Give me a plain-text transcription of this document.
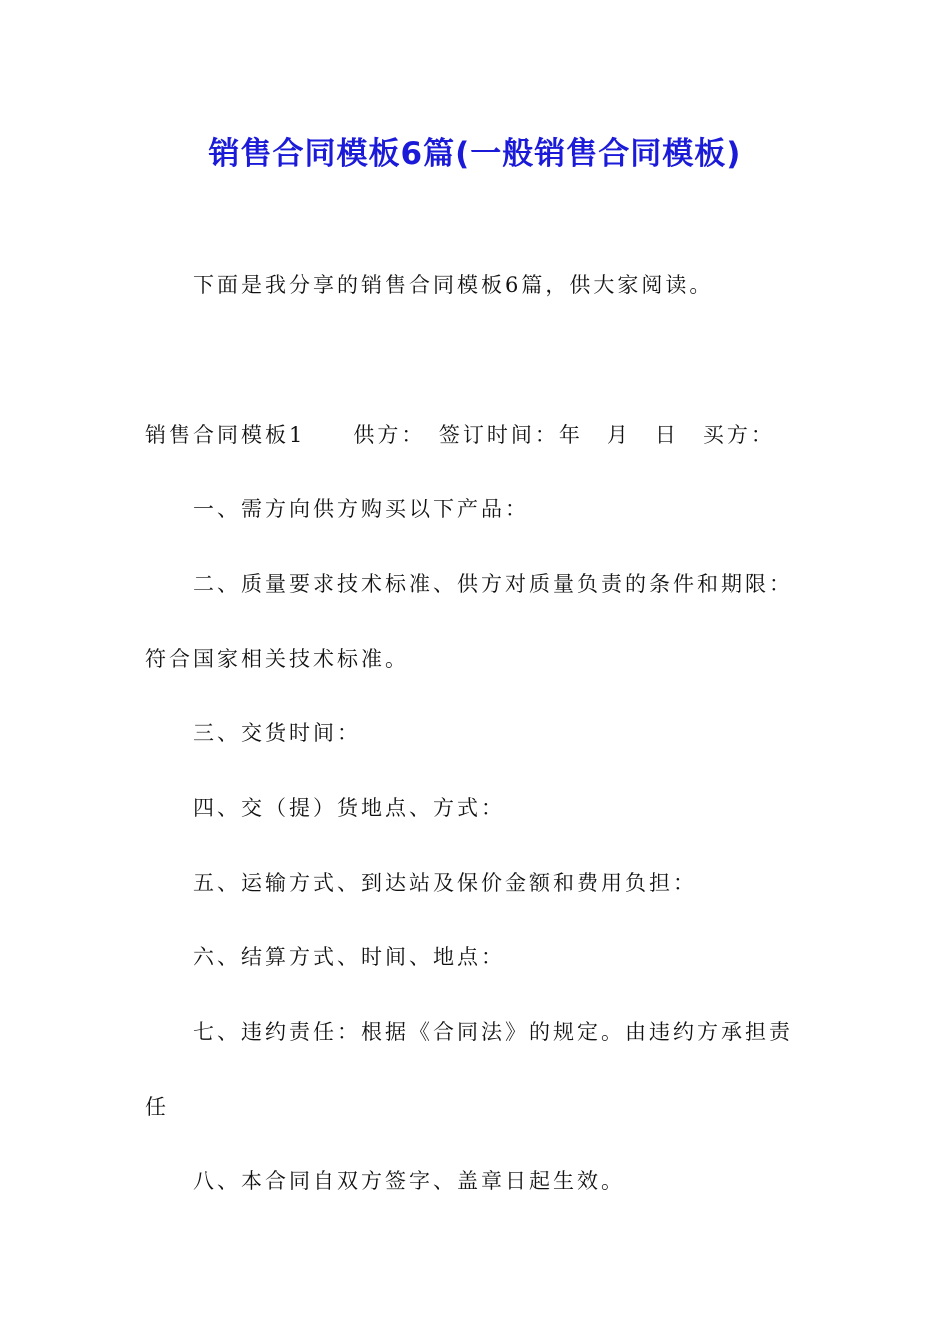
销售合同模板6篇(一般销售合同模板)
下面是我分享的销售合同模板6篇，供大家阅读。
销售合同模板1　　供方：　签订时间：年　月　日　买方：
一、需方向供方购买以下产品：
二、质量要求技术标准、供方对质量负责的条件和期限：
符合国家相关技术标准。
三、交货时间：
四、交（提）货地点、方式：
五、运输方式、到达站及保价金额和费用负担：
六、结算方式、时间、地点：
七、违约责任：根据《合同法》的规定。由违约方承担责
任
八、本合同自双方签字、盖章日起生效。
